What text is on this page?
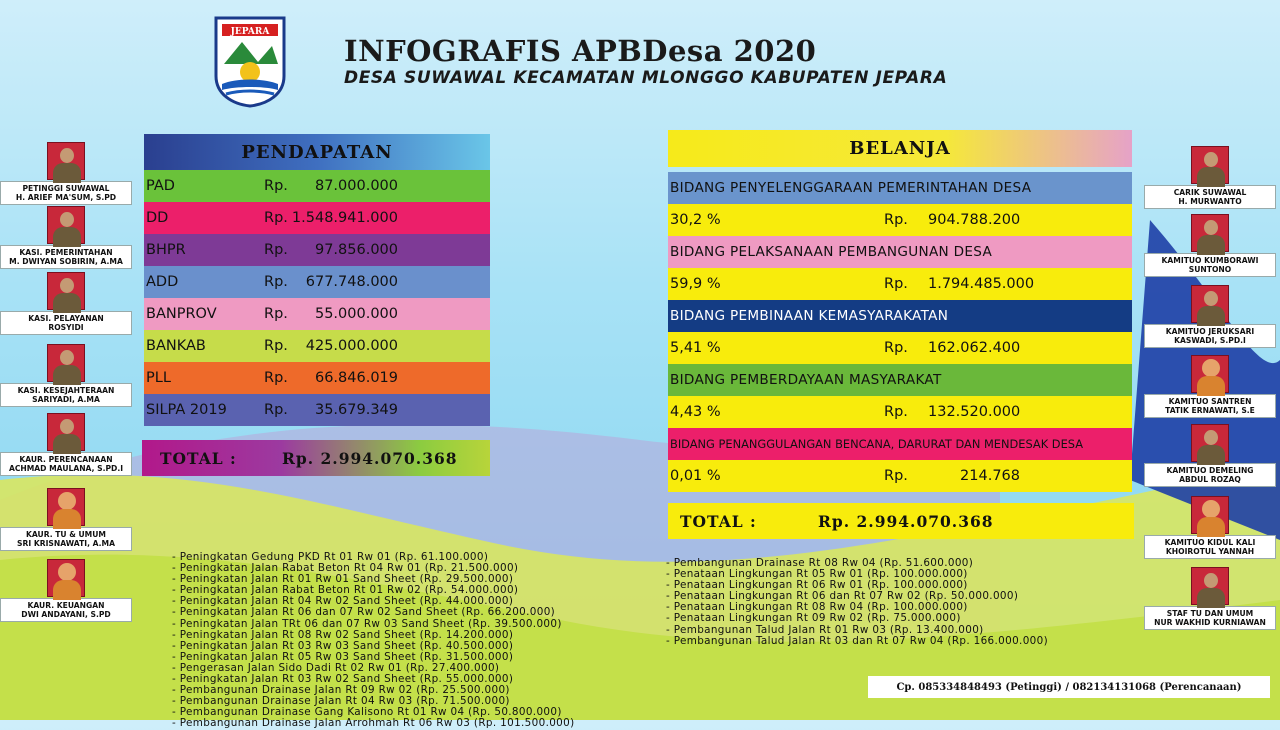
JEPARA
INFOGRAFIS APBDesa 2020
DESA SUWAWAL KECAMATAN MLONGGO KABUPATEN JEPARA
PETINGGI SUWAWAL
H. ARIEF MA'SUM, S.PD
KASI. PEMERINTAHAN
M. DWIYAN SOBIRIN, A.MA
KASI. PELAYANAN
ROSYIDI
KASI. KESEJAHTERAAN
SARIYADI, A.MA
KAUR. PERENCANAAN
ACHMAD MAULANA, S.PD.I
KAUR. TU & UMUM
SRI KRISNAWATI, A.MA
KAUR. KEUANGAN
DWI ANDAYANI, S.PD
CARIK SUWAWAL
H. MURWANTO
KAMITUO KUMBORAWI
SUNTONO
KAMITUO JERUKSARI
KASWADI, S.PD.I
KAMITUO SANTREN
TATIK ERNAWATI, S.E
KAMITUO DEMELING
ABDUL ROZAQ
KAMITUO KIDUL KALI
KHOIROTUL YANNAH
STAF TU DAN UMUM
NUR WAKHID KURNIAWAN
PENDAPATAN
PAD	Rp. 87.000.000
DD	Rp. 1.548.941.000
BHPR	Rp. 97.856.000
ADD	Rp. 677.748.000
BANPROV	Rp. 55.000.000
BANKAB	Rp. 425.000.000
PLL	Rp. 66.846.019
SILPA 2019	Rp. 35.679.349
TOTAL :	Rp. 2.994.070.368
BELANJA
BIDANG PENYELENGGARAAN PEMERINTAHAN DESA
30,2 %	Rp. 904.788.200
BIDANG PELAKSANAAN PEMBANGUNAN DESA
59,9 %	Rp. 1.794.485.000
BIDANG PEMBINAAN KEMASYARAKATAN
5,41 %	Rp. 162.062.400
BIDANG PEMBERDAYAAN MASYARAKAT
4,43 %	Rp. 132.520.000
BIDANG PENANGGULANGAN BENCANA, DARURAT DAN MENDESAK DESA
0,01 %	Rp.	214.768
TOTAL :	Rp. 2.994.070.368
- Peningkatan Gedung PKD Rt 01 Rw 01 (Rp. 61.100.000)
- Peningkatan Jalan Rabat Beton Rt 04 Rw 01 (Rp. 21.500.000)
- Peningkatan Jalan Rt 01 Rw 01 Sand Sheet (Rp. 29.500.000)
- Peningkatan Jalan Rabat Beton Rt 01 Rw 02 (Rp. 54.000.000)
- Peningkatan Jalan Rt 04 Rw 02 Sand Sheet (Rp. 44.000.000)
- Peningkatan Jalan Rt 06 dan 07 Rw 02 Sand Sheet (Rp. 66.200.000)
- Peningkatan Jalan TRt 06 dan 07 Rw 03 Sand Sheet (Rp. 39.500.000)
- Peningkatan Jalan Rt 08 Rw 02 Sand Sheet (Rp. 14.200.000)
- Peningkatan Jalan Rt 03 Rw 03 Sand Sheet (Rp. 40.500.000)
- Peningkatan Jalan Rt 05 Rw 03 Sand Sheet (Rp. 31.500.000)
- Pengerasan Jalan Sido Dadi Rt 02 Rw 01 (Rp. 27.400.000)
- Peningkatan Jalan Rt 03 Rw 02 Sand Sheet (Rp. 55.000.000)
- Pembangunan Drainase Jalan Rt 09 Rw 02 (Rp. 25.500.000)
- Pembangunan Drainase Jalan Rt 04 Rw 03 (Rp. 71.500.000)
- Pembangunan Drainase Gang Kalisono Rt 01 Rw 04 (Rp. 50.800.000)
- Pembangunan Drainase Jalan Arrohmah Rt 06 Rw 03 (Rp. 101.500.000)
- Pembangunan Drainase Rt 08 Rw 04 (Rp. 51.600.000)
- Penataan Lingkungan Rt 05 Rw 01 (Rp. 100.000.000)
- Penataan Lingkungan Rt 06 Rw 01 (Rp. 100.000.000)
- Penataan Lingkungan Rt 06 dan Rt 07 Rw 02 (Rp. 50.000.000)
- Penataan Lingkungan Rt 08 Rw 04 (Rp. 100.000.000)
- Penataan Lingkungan Rt 09 Rw 02 (Rp. 75.000.000)
- Pembangunan Talud Jalan Rt 01 Rw 03 (Rp. 13.400.000)
- Pembangunan Talud Jalan Rt 03 dan Rt 07 Rw 04 (Rp. 166.000.000)
Cp. 085334848493 (Petinggi) / 082134131068 (Perencanaan)
